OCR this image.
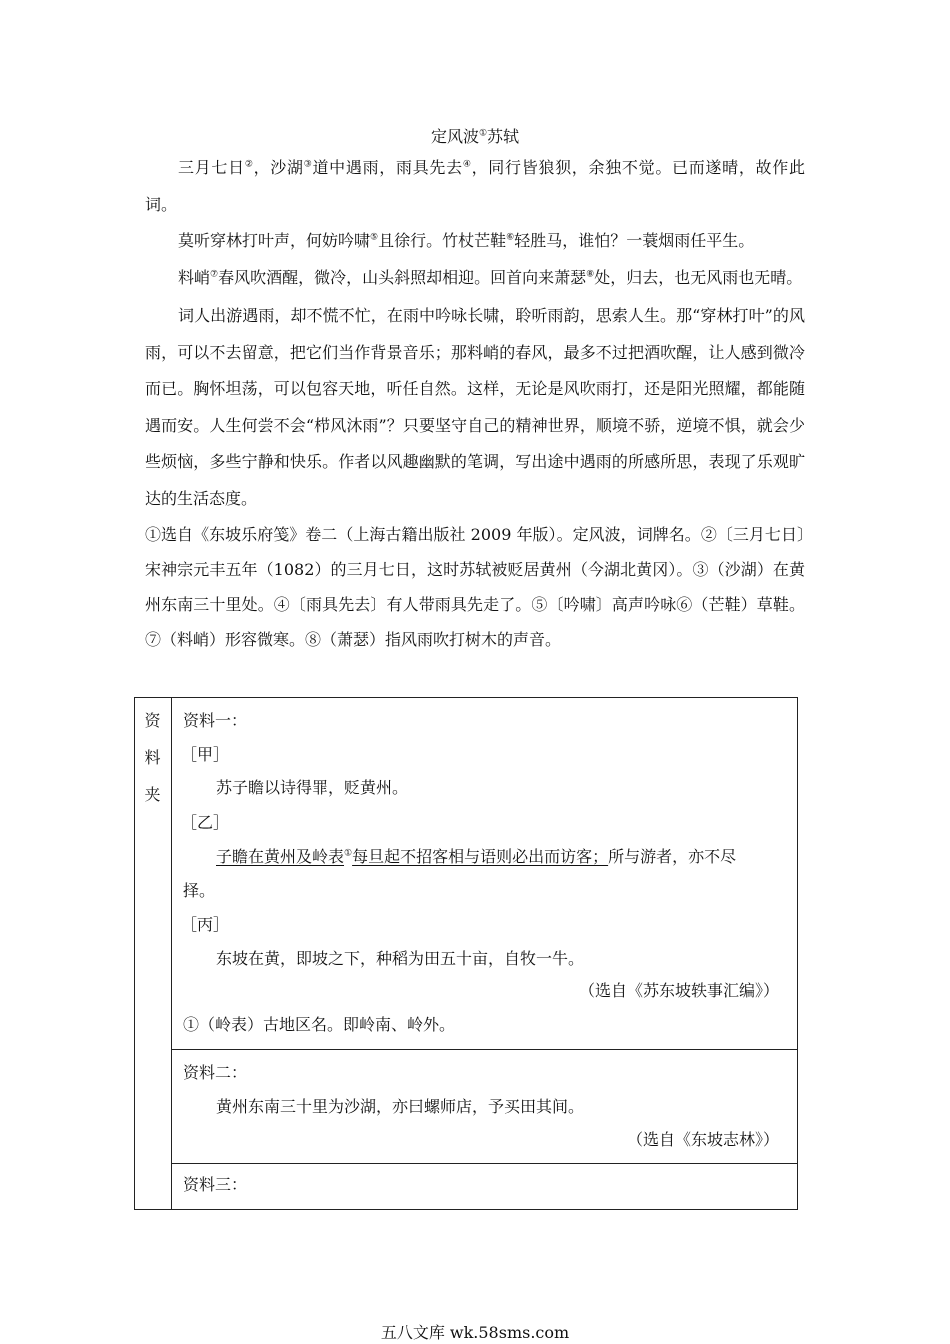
定风波①苏轼

三月七日②，沙湖③道中遇雨，雨具先去④，同行皆狼狈，余独不觉。已而遂晴，故作此词。

莫听穿林打叶声，何妨吟啸⑤且徐行。竹杖芒鞋⑥轻胜马，谁怕？一蓑烟雨任平生。

料峭⑦春风吹酒醒，微冷，山头斜照却相迎。回首向来萧瑟⑧处，归去，也无风雨也无晴。

词人出游遇雨，却不慌不忙，在雨中吟咏长啸，聆听雨韵，思索人生。那“穿林打叶”的风雨，可以不去留意，把它们当作背景音乐；那料峭的春风，最多不过把酒吹醒，让人感到微冷而已。胸怀坦荡，可以包容天地，听任自然。这样，无论是风吹雨打，还是阳光照耀，都能随遇而安。人生何尝不会“栉风沐雨”？只要坚守自己的精神世界，顺境不骄，逆境不惧，就会少些烦恼，多些宁静和快乐。作者以风趣幽默的笔调，写出途中遇雨的所感所思，表现了乐观旷达的生活态度。

①选自《东坡乐府笺》卷二（上海古籍出版社 2009 年版）。定风波，词牌名。②〔三月七日〕宋神宗元丰五年（1082）的三月七日，这时苏轼被贬居黄州（今湖北黄冈）。③（沙湖）在黄州东南三十里处。④〔雨具先去〕有人带雨具先走了。⑤〔吟啸〕高声吟咏⑥（芒鞋）草鞋。⑦（料峭）形容微寒。⑧（萧瑟）指风雨吹打树木的声音。

资
料
夹
资料一：
［甲］
苏子瞻以诗得罪，贬黄州。
［乙］
子瞻在黄州及岭表①每旦起不招客相与语则必出而访客；所与游者，亦不尽
择。
［丙］
东坡在黄，即坡之下，种稻为田五十亩，自牧一牛。
（选自《苏东坡轶事汇编》）
①（岭表）古地区名。即岭南、岭外。
资料二：
黄州东南三十里为沙湖，亦曰螺师店，予买田其间。
（选自《东坡志林》）
资料三：
五八文库 wk.58sms.com
